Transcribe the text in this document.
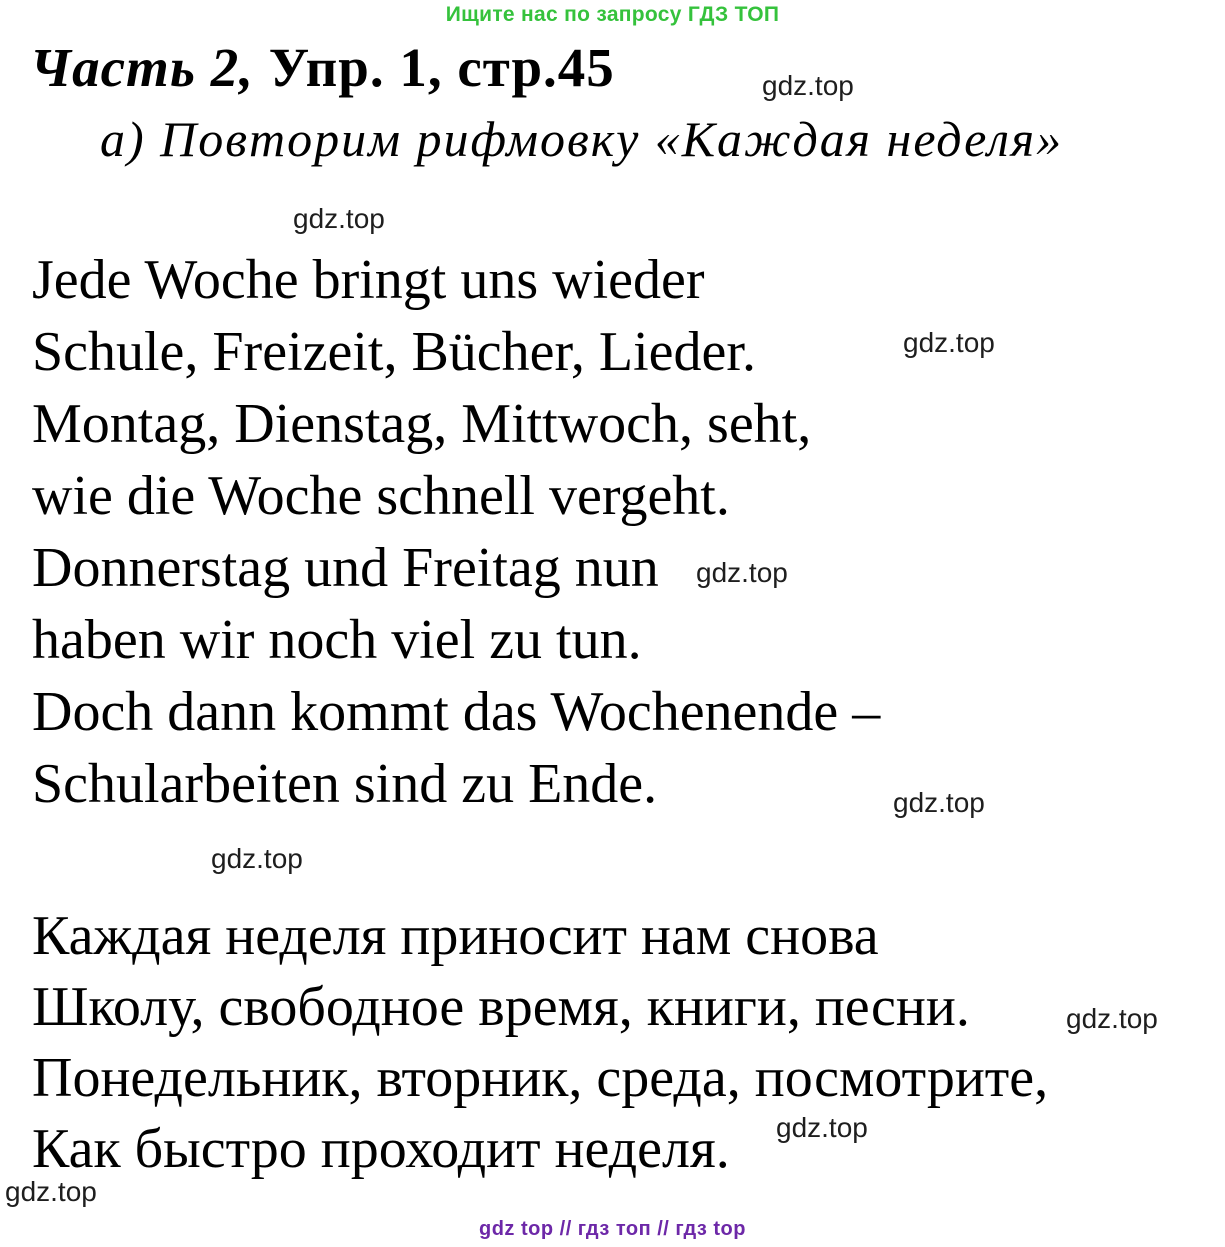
Ищите нас по запросу ГДЗ ТОП
Часть 2, Упр. 1, стр.45
а) Повторим рифмовку «Каждая неделя»
Jede Woche bringt uns wieder
Schule, Freizeit, Bücher, Lieder.
Montag, Dienstag, Mittwoch, seht,
wie die Woche schnell vergeht.
Donnerstag und Freitag nun
haben wir noch viel zu tun.
Doch dann kommt das Wochenende –
Schularbeiten sind zu Ende.
Каждая неделя приносит нам снова
Школу, свободное время, книги, песни.
Понедельник, вторник, среда, посмотрите,
Как быстро проходит неделя.
gdz.top
gdz.top
gdz.top
gdz.top
gdz.top
gdz.top
gdz.top
gdz.top
gdz.top
gdz top // гдз топ // гдз top
